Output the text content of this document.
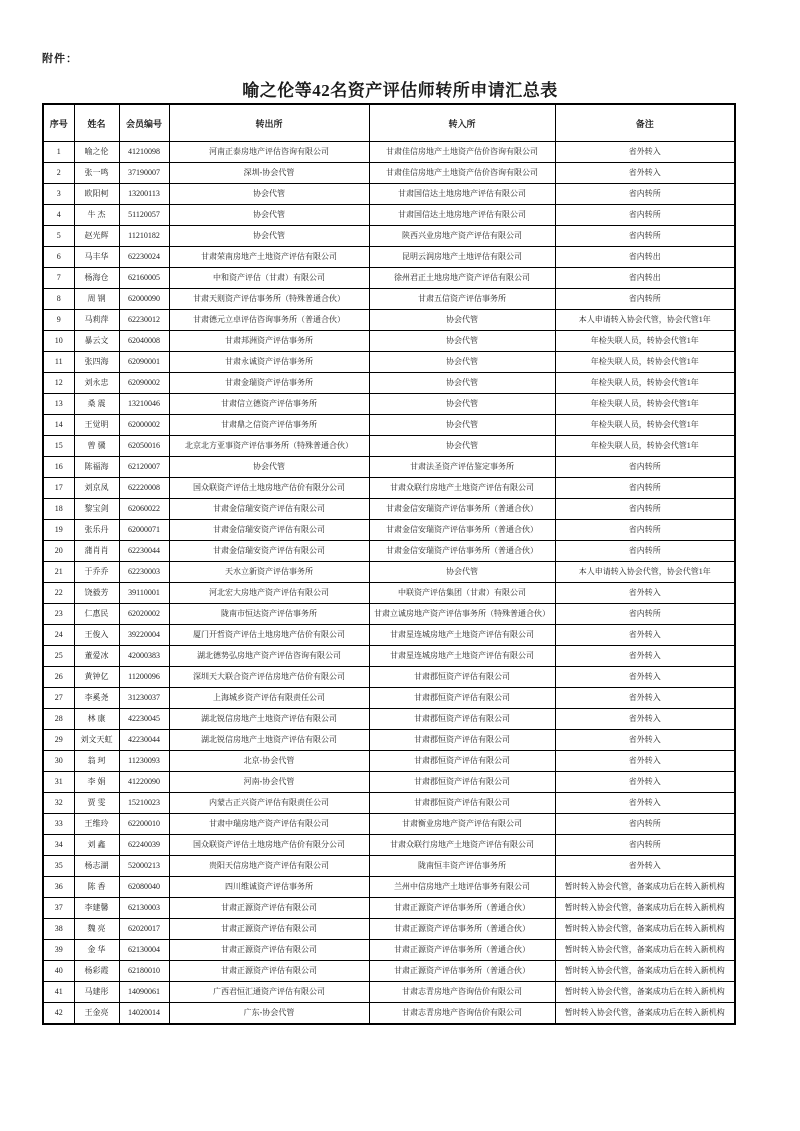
附件：
喻之伦等42名资产评估师转所申请汇总表
序号	姓名	会员编号	转出所	转入所	备注
1	喻之伦	41210098	河南正泰房地产评估咨询有限公司	甘肃佳信房地产土地资产估价咨询有限公司	省外转入
2	张一鸣	37190007	深圳-协会代管	甘肃佳信房地产土地资产估价咨询有限公司	省外转入
3	欧阳柯	13200113	协会代管	甘肃国信达土地房地产评估有限公司	省内转所
4	牛 杰	51120057	协会代管	甘肃国信达土地房地产评估有限公司	省内转所
5	赵光辉	11210182	协会代管	陕西兴业房地产资产评估有限公司	省内转所
6	马丰华	62230024	甘肃荣南房地产土地资产评估有限公司	昆明云润房地产土地评估有限公司	省内转出
7	杨海仓	62160005	中和资产评估（甘肃）有限公司	徐州君正土地房地产资产评估有限公司	省内转出
8	周 钢	62000090	甘肃天则资产评估事务所（特殊普通合伙）	甘肃五信资产评估事务所	省内转所
9	马莉萍	62230012	甘肃德元立卓评估咨询事务所（普通合伙）	协会代管	本人申请转入协会代管，协会代管1年
10	暴云文	62040008	甘肃邦洲资产评估事务所	协会代管	年检失联人员，转协会代管1年
11	张四海	62090001	甘肃永诚资产评估事务所	协会代管	年检失联人员，转协会代管1年
12	刘永忠	62090002	甘肃金瑞资产评估事务所	协会代管	年检失联人员，转协会代管1年
13	桑 震	13210046	甘肃信立德资产评估事务所	协会代管	年检失联人员，转协会代管1年
14	王觉明	62000002	甘肃鼎之信资产评估事务所	协会代管	年检失联人员，转协会代管1年
15	曾 骥	62050016	北京北方亚事资产评估事务所（特殊普通合伙）	协会代管	年检失联人员，转协会代管1年
16	陈福海	62120007	协会代管	甘肃法圣资产评估鉴定事务所	省内转所
17	刘京凤	62220008	国众联资产评估土地房地产估价有限分公司	甘肃众联行房地产土地资产评估有限公司	省内转所
18	黎宝剑	62060022	甘肃金信瑞安资产评估有限公司	甘肃金信安瑞资产评估事务所（普通合伙）	省内转所
19	张乐丹	62000071	甘肃金信瑞安资产评估有限公司	甘肃金信安瑞资产评估事务所（普通合伙）	省内转所
20	蒲肖肖	62230044	甘肃金信瑞安资产评估有限公司	甘肃金信安瑞资产评估事务所（普通合伙）	省内转所
21	于乔乔	62230003	天水立新资产评估事务所	协会代管	本人申请转入协会代管，协会代管1年
22	饶毅芳	39110001	河北宏大房地产资产评估有限公司	中联资产评估集团（甘肃）有限公司	省外转入
23	仁惠民	62020002	陇南市恒达资产评估事务所	甘肃立诚房地产资产评估事务所（特殊普通合伙）	省内转所
24	王俊入	39220004	厦门开哲资产评估土地房地产估价有限公司	甘肃星连城房地产土地资产评估有限公司	省外转入
25	董爱冰	42000383	湖北德势弘房地产资产评估咨询有限公司	甘肃星连城房地产土地资产评估有限公司	省外转入
26	黄钟亿	11200096	深圳天大联合资产评估房地产估价有限公司	甘肃郡恒资产评估有限公司	省外转入
27	李奚尧	31230037	上海城乡资产评估有限责任公司	甘肃郡恒资产评估有限公司	省外转入
28	林 康	42230045	湖北锐信房地产土地资产评估有限公司	甘肃郡恒资产评估有限公司	省外转入
29	刘文天虹	42230044	湖北锐信房地产土地资产评估有限公司	甘肃郡恒资产评估有限公司	省外转入
30	翁 珂	11230093	北京-协会代管	甘肃郡恒资产评估有限公司	省外转入
31	李 娟	41220090	河南-协会代管	甘肃郡恒资产评估有限公司	省外转入
32	贾 雯	15210023	内蒙古正兴资产评估有限责任公司	甘肃郡恒资产评估有限公司	省外转入
33	王维玲	62200010	甘肃中瑞房地产资产评估有限公司	甘肃衡业房地产资产评估有限公司	省内转所
34	刘 鑫	62240039	国众联资产评估土地房地产估价有限分公司	甘肃众联行房地产土地资产评估有限公司	省内转所
35	杨志湖	52000213	贵阳天信房地产资产评估有限公司	陇南恒丰资产评估事务所	省外转入
36	陈 香	62080040	四川维诚资产评估事务所	兰州中信房地产土地评估事务有限公司	暂时转入协会代管，备案成功后在转入新机构
37	李建馨	62130003	甘肃正源资产评估有限公司	甘肃正源资产评估事务所（普通合伙）	暂时转入协会代管，备案成功后在转入新机构
38	魏 亮	62020017	甘肃正源资产评估有限公司	甘肃正源资产评估事务所（普通合伙）	暂时转入协会代管，备案成功后在转入新机构
39	金 华	62130004	甘肃正源资产评估有限公司	甘肃正源资产评估事务所（普通合伙）	暂时转入协会代管，备案成功后在转入新机构
40	杨彩霞	62180010	甘肃正源资产评估有限公司	甘肃正源资产评估事务所（普通合伙）	暂时转入协会代管，备案成功后在转入新机构
41	马建彤	14090061	广西君恒汇通资产评估有限公司	甘肃志青房地产咨询估价有限公司	暂时转入协会代管，备案成功后在转入新机构
42	王金亮	14020014	广东-协会代管	甘肃志青房地产咨询估价有限公司	暂时转入协会代管，备案成功后在转入新机构
